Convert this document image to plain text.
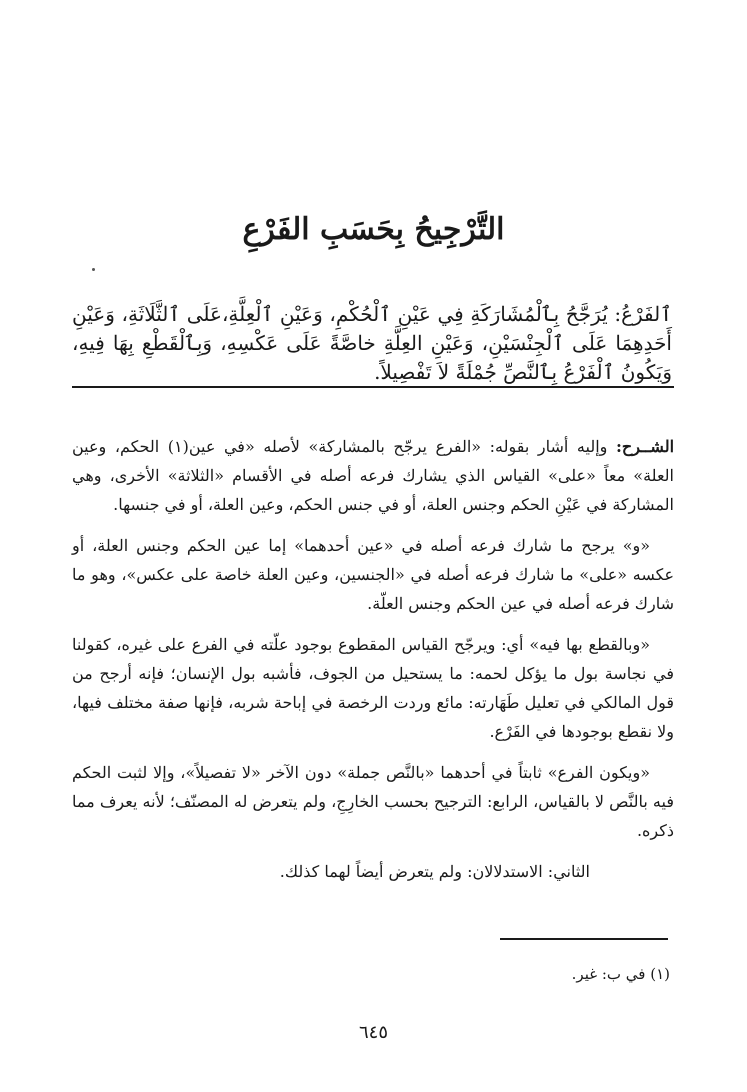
التَّرْجِيحُ بِحَسَبِ الفَرْعِ

ٱلفَرْعُ: يُرَجَّحُ بِٱلْمُشَارَكَةِ فِي عَيْنِ ٱلْحُكْمِ، وَعَيْنِ ٱلْعِلَّةِ،عَلَى ٱلثَّلَاثَةِ، وَعَيْنِ أَحَدِهِمَا عَلَى ٱلْجِنْسَيْنِ، وَعَيْنِ العِلَّةِ خاصَّةً عَلَى عَكْسِهِ، وَبِٱلْقَطْعِ بِهَا فِيهِ، وَيَكُونُ ٱلْفَرْعُ بِٱلنَّصِّ جُمْلَةً لاَ تَفْصِيلاً.

الشــرح: وإليه أشار بقوله: «الفرع يرجّح بالمشاركة» لأصله «في عين(١) الحكم، وعين العلة» معاً «على» القياس الذي يشارك فرعه أصله في الأقسام «الثلاثة» الأخرى، وهي المشاركة في عَيْنِ الحكم وجنس العلة، أو في جنس الحكم، وعين العلة، أو في جنسها.

«و» يرجح ما شارك فرعه أصله في «عين أحدهما» إما عين الحكم وجنس العلة، أو عكسه «على» ما شارك فرعه أصله في «الجنسين، وعين العلة خاصة على عكس»، وهو ما شارك فرعه أصله في عين الحكم وجنس العلّة.

«وبالقطع بها فيه» أي: ويرجّح القياس المقطوع بوجود علّته في الفرع على غيره، كقولنا في نجاسة بول ما يؤكل لحمه: ما يستحيل من الجوف، فأشبه بول الإنسان؛ فإنه أرجح من قول المالكي في تعليل طَهَارته: مائع وردت الرخصة في إباحة شربه، فإنها صفة مختلف فيها، ولا نقطع بوجودها في الفَرْع.

«ويكون الفرع» ثابتاً في أحدهما «بالنَّص جملة» دون الآخر «لا تفصيلاً»، وإلا لثبت الحكم فيه بالنَّص لا بالقياس، الرابع: الترجيح بحسب الخارِجِ، ولم يتعرض له المصنّف؛ لأنه يعرف مما ذكره.

الثاني: الاستدلالان: ولم يتعرض أيضاً لهما كذلك.

(١) في ب: غير.

٦٤٥
